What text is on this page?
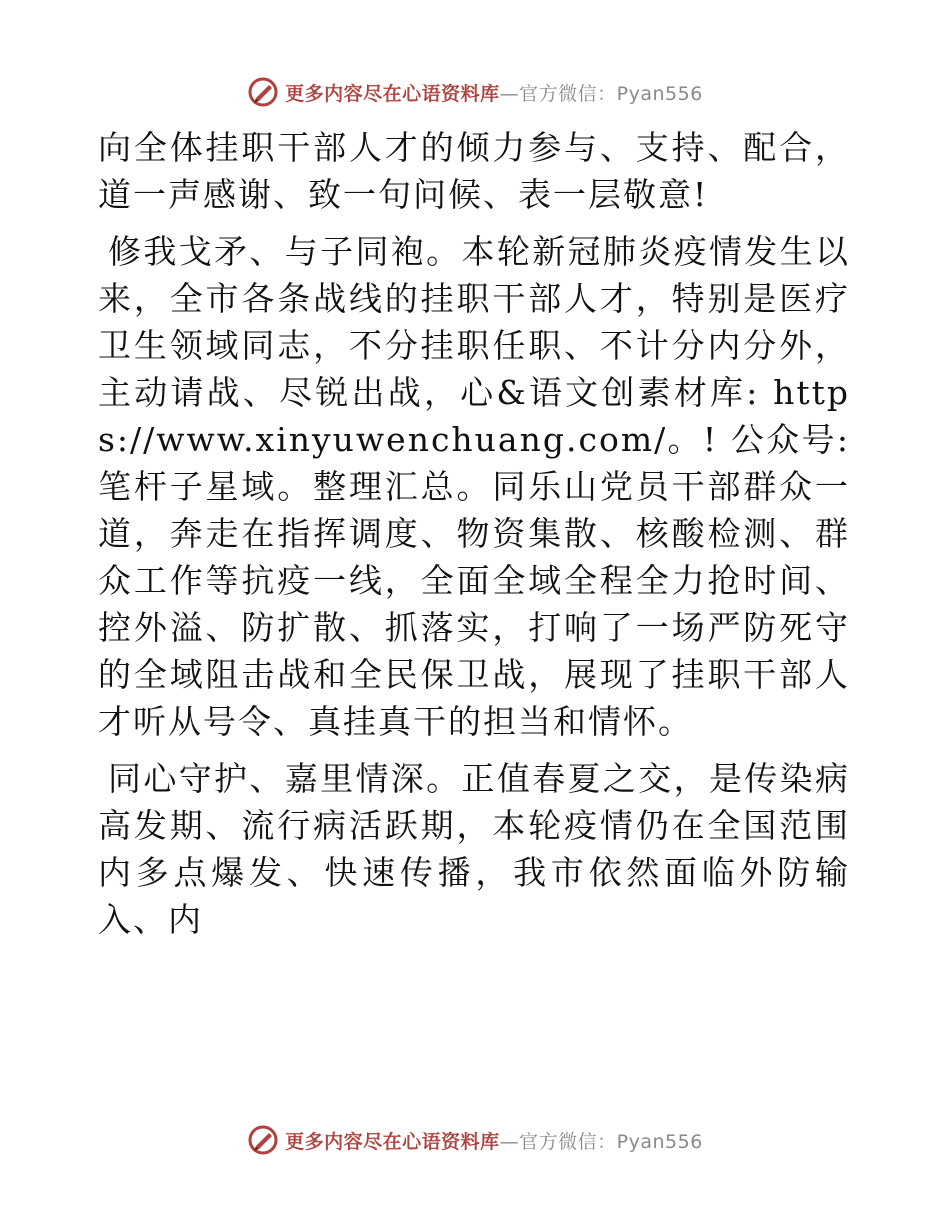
更多内容尽在心语资料库—官方微信：Pyan556

向全体挂职干部人才的倾力参与、支持、配合，道一声感谢、致一句问候、表一层敬意!

修我戈矛、与子同袍。本轮新冠肺炎疫情发生以来，全市各条战线的挂职干部人才，特别是医疗卫生领域同志，不分挂职任职、不计分内分外，主动请战、尽锐出战，心&语文创素材库: https://www.xinyuwenchuang.com/。! 公众号: 笔杆子星域。整理汇总。同乐山党员干部群众一道，奔走在指挥调度、物资集散、核酸检测、群众工作等抗疫一线，全面全域全程全力抢时间、控外溢、防扩散、抓落实，打响了一场严防死守的全域阻击战和全民保卫战，展现了挂职干部人才听从号令、真挂真干的担当和情怀。

同心守护、嘉里情深。正值春夏之交，是传染病高发期、流行病活跃期，本轮疫情仍在全国范围内多点爆发、快速传播，我市依然面临外防输入、内

更多内容尽在心语资料库—官方微信：Pyan556
